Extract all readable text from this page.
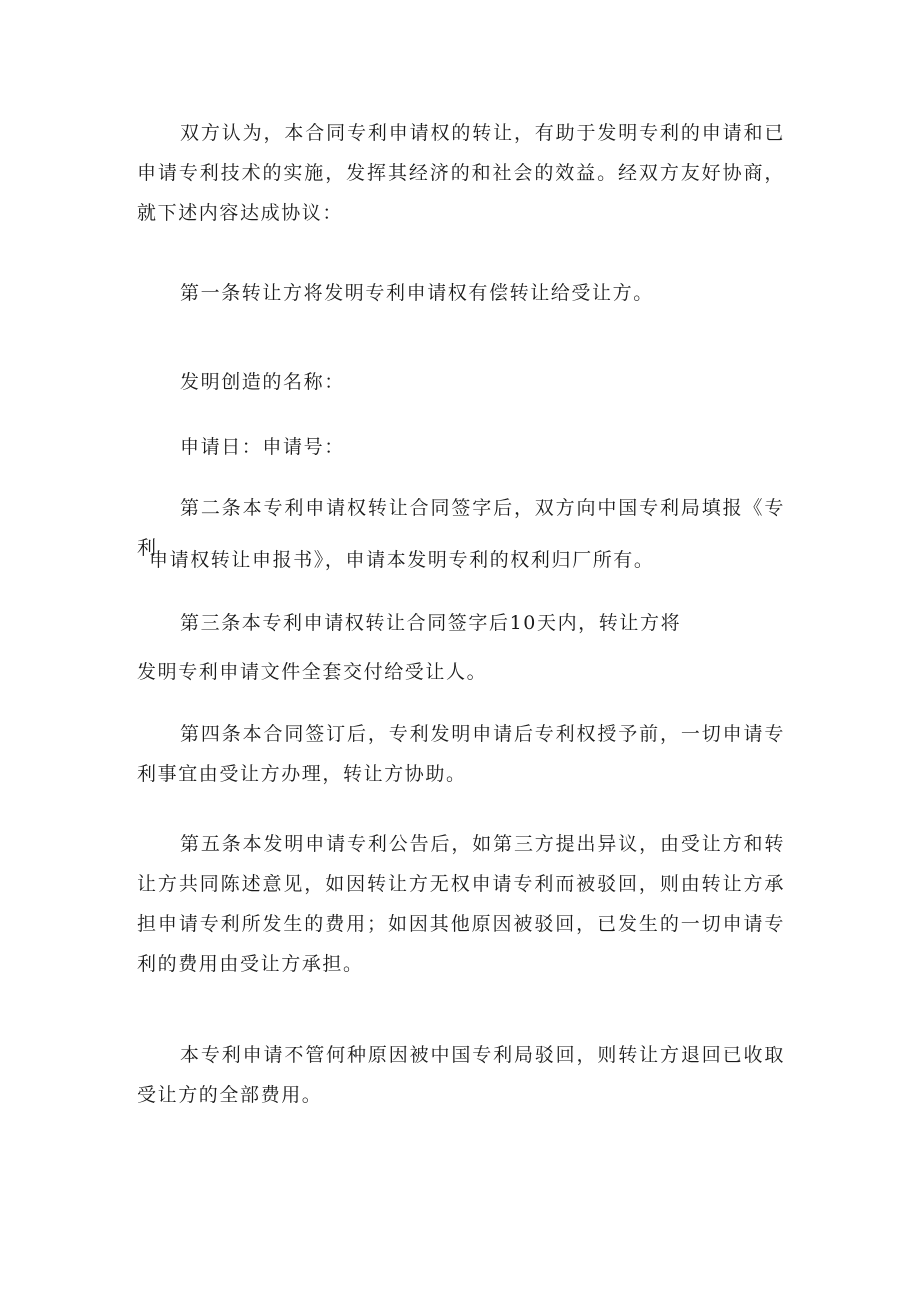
双方认为，本合同专利申请权的转让，有助于发明专利的申请和已申请专利技术的实施，发挥其经济的和社会的效益。经双方友好协商，就下述内容达成协议：

第一条转让方将发明专利申请权有偿转让给受让方。

发明创造的名称：

申请日：申请号：

第二条本专利申请权转让合同签字后，双方向中国专利局填报《专利

申请权转让申报书》，申请本发明专利的权利归厂所有。

第三条本专利申请权转让合同签字后10天内，转让方将

发明专利申请文件全套交付给受让人。

第四条本合同签订后，专利发明申请后专利权授予前，一切申请专利事宜由受让方办理，转让方协助。

第五条本发明申请专利公告后，如第三方提出异议，由受让方和转让方共同陈述意见，如因转让方无权申请专利而被驳回，则由转让方承担申请专利所发生的费用；如因其他原因被驳回，已发生的一切申请专利的费用由受让方承担。

本专利申请不管何种原因被中国专利局驳回，则转让方退回已收取受让方的全部费用。
